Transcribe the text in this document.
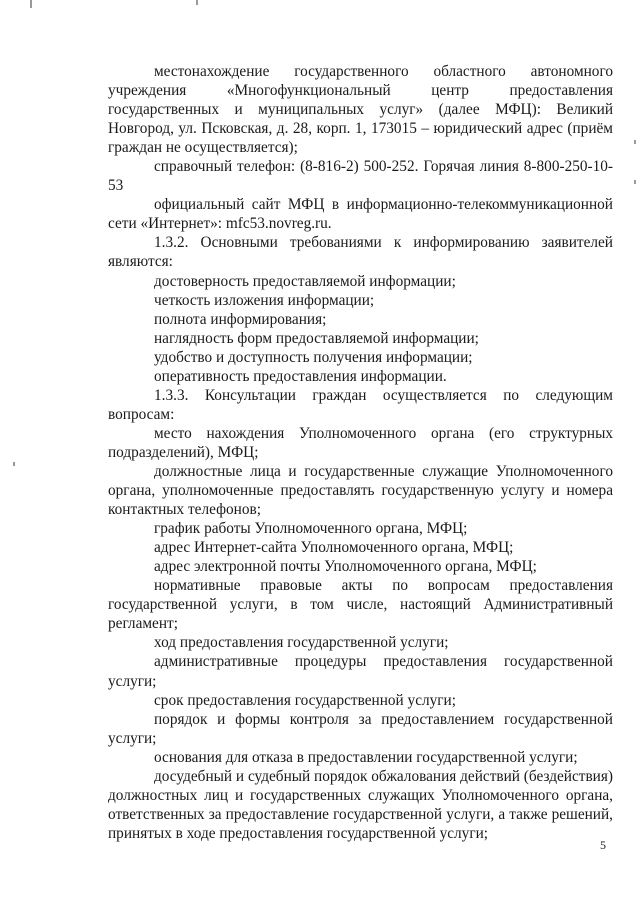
местонахождение государственного областного автономного учреждения «Многофункциональный центр предоставления государственных и муниципальных услуг» (далее МФЦ): Великий Новгород, ул. Псковская, д. 28, корп. 1, 173015 – юридический адрес (приём граждан не осуществляется);

справочный телефон: (8-816-2) 500-252. Горячая линия 8-800-250-10-53

официальный сайт МФЦ в информационно-телекоммуникационной сети «Интернет»: mfc53.novreg.ru.

1.3.2. Основными требованиями к информированию заявителей являются:

достоверность предоставляемой информации;

четкость изложения информации;

полнота информирования;

наглядность форм предоставляемой информации;

удобство и доступность получения информации;

оперативность предоставления информации.

1.3.3. Консультации граждан осуществляется по следующим вопросам:

место нахождения Уполномоченного органа (его структурных подразделений), МФЦ;

должностные лица и государственные служащие Уполномоченного органа, уполномоченные предоставлять государственную услугу и номера контактных телефонов;

график работы Уполномоченного органа, МФЦ;

адрес Интернет-сайта Уполномоченного органа, МФЦ;

адрес электронной почты Уполномоченного органа, МФЦ;

нормативные правовые акты по вопросам предоставления государственной услуги, в том числе, настоящий Административный регламент;

ход предоставления государственной услуги;

административные процедуры предоставления государственной услуги;

срок предоставления государственной услуги;

порядок и формы контроля за предоставлением государственной услуги;

основания для отказа в предоставлении государственной услуги;

досудебный и судебный порядок обжалования действий (бездействия) должностных лиц и государственных служащих Уполномоченного органа, ответственных за предоставление государственной услуги, а также решений, принятых в ходе предоставления государственной услуги;

5
